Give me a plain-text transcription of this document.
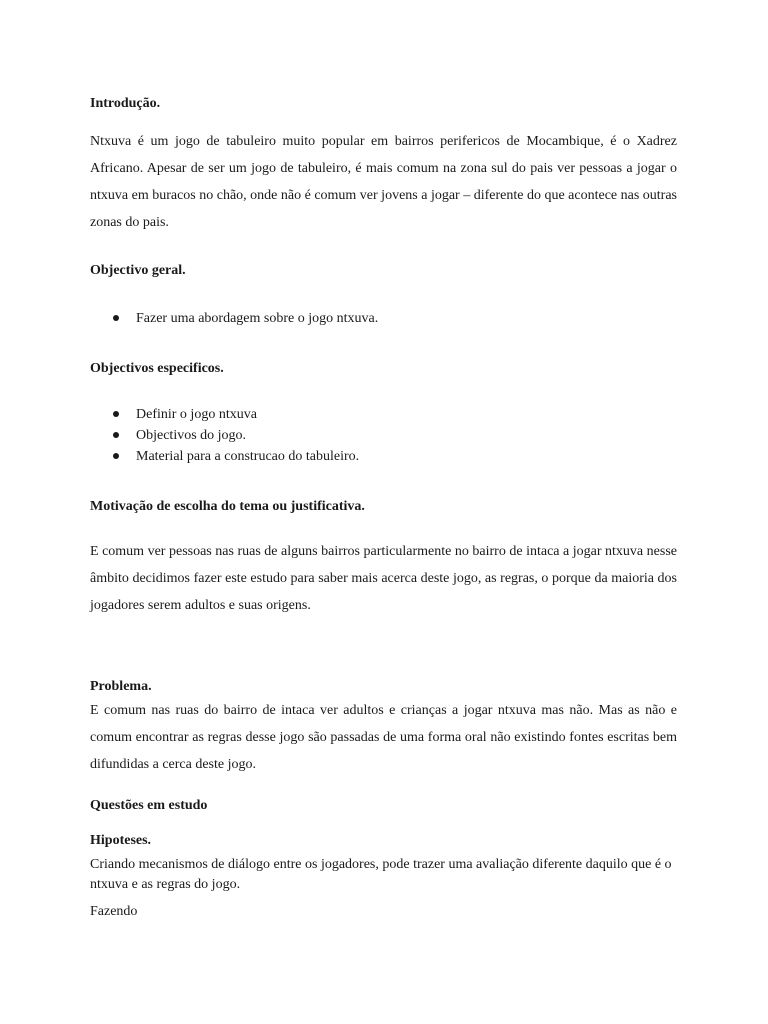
Introdução.

Ntxuva é um jogo de tabuleiro muito popular em bairros perifericos de Mocambique, é o Xadrez Africano. Apesar de ser um jogo de tabuleiro, é mais comum na zona sul do pais ver pessoas a jogar o ntxuva em buracos no chão, onde não é comum ver jovens a jogar – diferente do que acontece nas outras zonas do pais.

Objectivo geral.
Fazer uma abordagem sobre o jogo ntxuva.
Objectivos especificos.
Definir o jogo ntxuva
Objectivos do jogo.
Material para a construcao do tabuleiro.
Motivação de escolha do tema ou justificativa.

E comum ver pessoas nas ruas de alguns bairros particularmente no bairro de intaca a jogar ntxuva nesse âmbito decidimos fazer este estudo para saber mais acerca deste jogo, as regras, o porque da maioria dos jogadores serem adultos e suas origens.

Problema.

E comum nas ruas do bairro de intaca ver adultos e crianças a jogar ntxuva mas não. Mas as não e comum encontrar as regras desse jogo são passadas de uma forma oral não existindo fontes escritas bem difundidas a cerca deste jogo.

Questões em estudo
Hipoteses.

Criando mecanismos de diálogo entre os jogadores, pode trazer uma avaliação diferente daquilo que é o ntxuva e as regras do jogo.

Fazendo
